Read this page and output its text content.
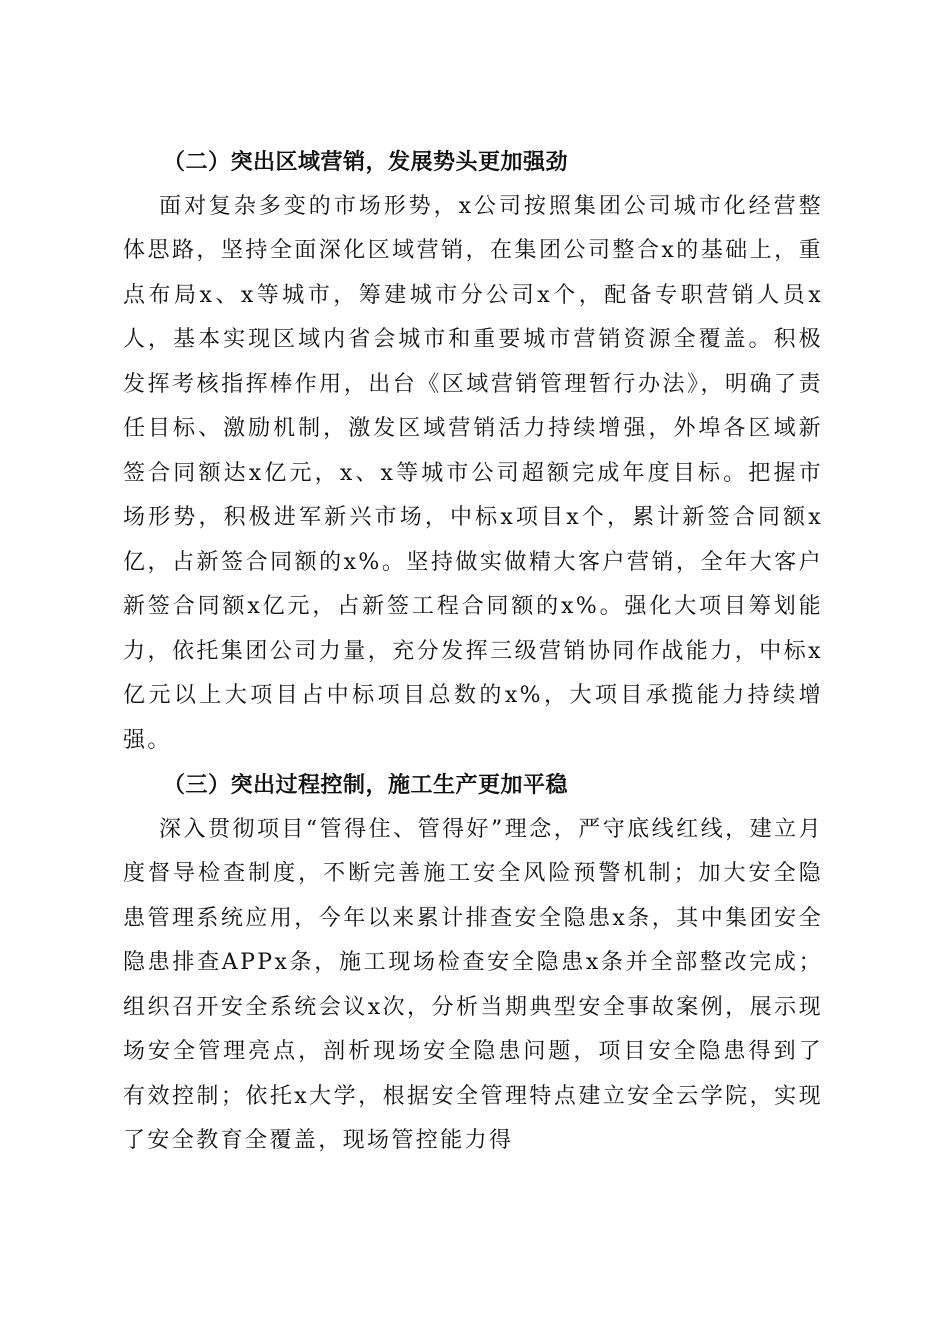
（二）突出区域营销，发展势头更加强劲

面对复杂多变的市场形势，x公司按照集团公司城市化经营整体思路，坚持全面深化区域营销，在集团公司整合x的基础上，重点布局x、x等城市，筹建城市分公司x个，配备专职营销人员x人，基本实现区域内省会城市和重要城市营销资源全覆盖。积极发挥考核指挥棒作用，出台《区域营销管理暂行办法》，明确了责任目标、激励机制，激发区域营销活力持续增强，外埠各区域新签合同额达x亿元，x、x等城市公司超额完成年度目标。把握市场形势，积极进军新兴市场，中标x项目x个，累计新签合同额x亿，占新签合同额的x%。坚持做实做精大客户营销，全年大客户新签合同额x亿元，占新签工程合同额的x%。强化大项目筹划能力，依托集团公司力量，充分发挥三级营销协同作战能力，中标x亿元以上大项目占中标项目总数的x%，大项目承揽能力持续增强。

（三）突出过程控制，施工生产更加平稳

深入贯彻项目“管得住、管得好”理念，严守底线红线，建立月度督导检查制度，不断完善施工安全风险预警机制；加大安全隐患管理系统应用，今年以来累计排查安全隐患x条，其中集团安全隐患排查APPx条，施工现场检查安全隐患x条并全部整改完成；组织召开安全系统会议x次，分析当期典型安全事故案例，展示现场安全管理亮点，剖析现场安全隐患问题，项目安全隐患得到了有效控制；依托x大学，根据安全管理特点建立安全云学院，实现了安全教育全覆盖，现场管控能力得
